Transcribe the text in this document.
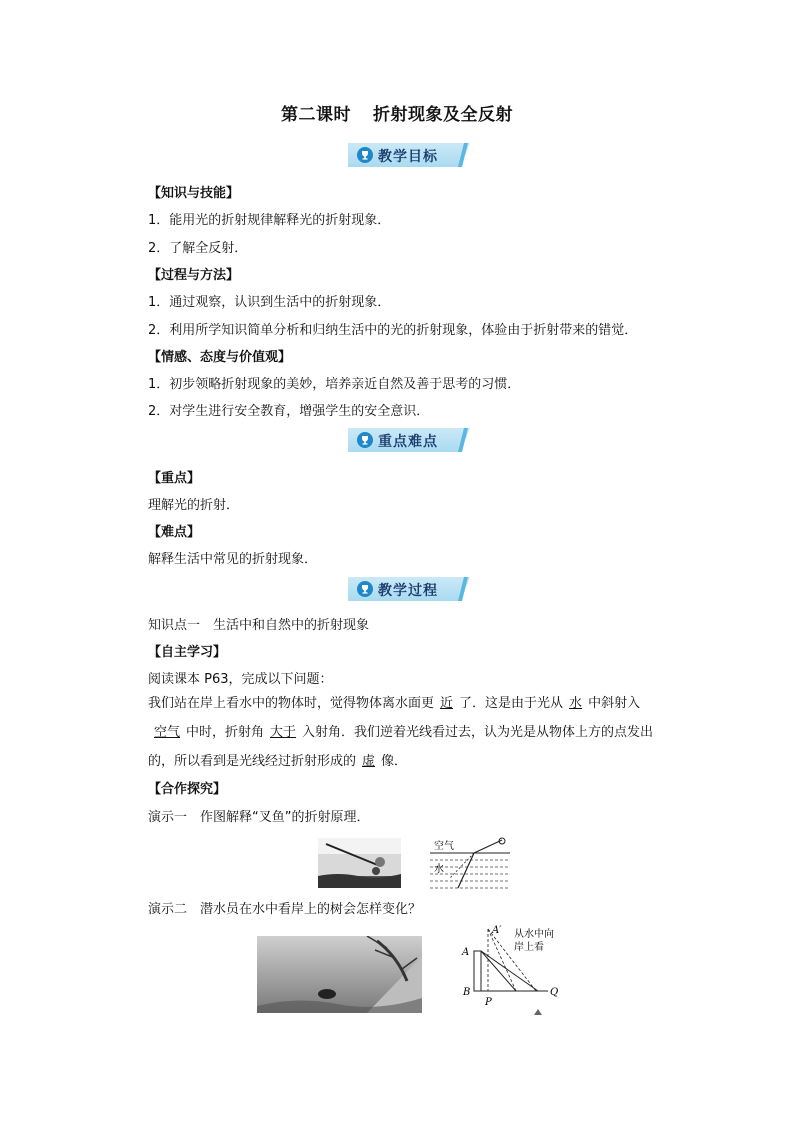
第二课时 折射现象及全反射
教学目标
【知识与技能】
1．能用光的折射规律解释光的折射现象．
2．了解全反射．
【过程与方法】
1．通过观察，认识到生活中的折射现象．
2．利用所学知识简单分析和归纳生活中的光的折射现象，体验由于折射带来的错觉．
【情感、态度与价值观】
1．初步领略折射现象的美妙，培养亲近自然及善于思考的习惯．
2．对学生进行安全教育，增强学生的安全意识．
重点难点
【重点】
理解光的折射．
【难点】
解释生活中常见的折射现象．
教学过程
知识点一　生活中和自然中的折射现象
【自主学习】
阅读课本 P63，完成以下问题：
我们站在岸上看水中的物体时，觉得物体离水面更 近 了．这是由于光从 水 中斜射入空气 中时，折射角 大于 入射角．我们逆着光线看过去，认为光是从物体上方的点发出的，所以看到是光线经过折射形成的 虚 像．
【合作探究】
演示一　作图解释“叉鱼”的折射原理．
空气
水
演示二　潜水员在水中看岸上的树会怎样变化？
A
A′
B
P
Q
从水中向
岸上看
